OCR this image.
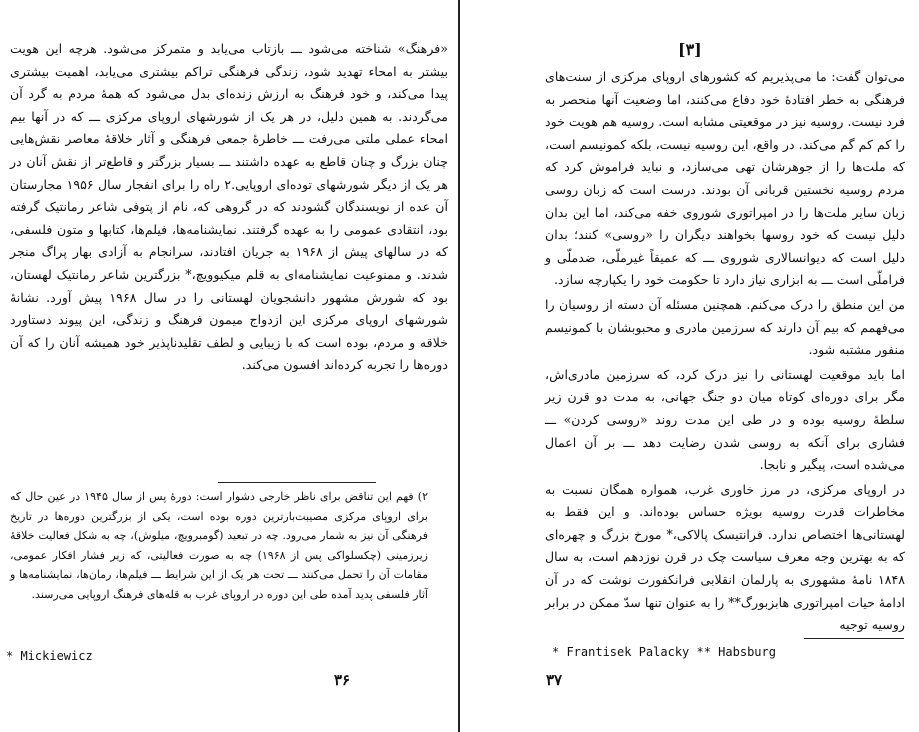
«فرهنگ» شناخته می‌شود ـــ بازتاب می‌یابد و متمرکز می‌شود. هرچه این هویت بیشتر به امحاء تهدید شود، زندگی فرهنگی تراکم بیشتری می‌یابد، اهمیت بیشتری پیدا می‌کند، و خود فرهنگ به ارزش زنده‌ای بدل می‌شود که همهٔ مردم به گرد آن می‌گردند. به همین دلیل، در هر یک از شورشهای اروپای مرکزی ـــ که در آنها بیم امحاء عملی ملتی می‌رفت ـــ خاطرهٔ جمعی فرهنگی و آثار خلاقهٔ معاصر نقش‌هایی چنان بزرگ و چنان قاطع به عهده داشتند ـــ بسیار بزرگتر و قاطع‌تر از نقش آنان در هر یک از دیگر شورشهای توده‌ای اروپایی.۲ راه را برای انفجار سال ۱۹۵۶ مجارستان آن عده از نویسندگان گشودند که در گروهی که، نام از پتوفی شاعر رمانتیک گرفته بود، انتقادی عمومی را به عهده گرفتند. نمایشنامه‌ها، فیلم‌ها، کتابها و متون فلسفی، که در سالهای پیش از ۱۹۶۸ به جریان افتادند، سرانجام به آزادی بهار پراگ منجر شدند. و ممنوعیت نمایشنامه‌ای به قلم میکیوویچ،* بزرگترین شاعر رمانتیک لهستان، بود که شورش مشهور دانشجویان لهستانی را در سال ۱۹۶۸ پیش آورد. نشانهٔ شورشهای اروپای مرکزی این ازدواج میمون فرهنگ و زندگی، این پیوند دستاورد خلاقه و مردم، بوده است که با زیبایی و لطف تقلیدناپذیر خود همیشه آنان را که آن دوره‌ها را تجربه کرده‌اند افسون می‌کند.

۲) فهم این تناقض برای ناظر خارجی دشوار است: دورهٔ پس از سال ۱۹۴۵ در عین حال که برای اروپای مرکزی مصیبت‌بارترین دوره بوده است، یکی از بزرگترین دوره‌ها در تاریخ فرهنگی آن نیز به شمار می‌رود. چه در تبعید (گومبرویچ، میلوش)، چه به شکل فعالیت خلاقهٔ زیرزمینی (چکسلواکی پس از ۱۹۶۸) چه به صورت فعالیتی، که زیر فشار افکار عمومی، مقامات آن را تحمل می‌کنند ـــ تحت هر یک از این شرایط ـــ فیلم‌ها، رمان‌ها، نمایشنامه‌ها و آثار فلسفی پدید آمده طی این دوره در اروپای غرب به قله‌های فرهنگ اروپایی می‌رسند.
* Mickiewicz
۳۶
[۳]

می‌توان گفت: ما می‌پذیریم که کشورهای اروپای مرکزی از سنت‌های فرهنگی به خطر افتادهٔ خود دفاع می‌کنند، اما وضعیت آنها منحصر به فرد نیست. روسیه نیز در موقعیتی مشابه است. روسیه هم هویت خود را کم کم گم می‌کند. در واقع، این روسیه نیست، بلکه کمونیسم است، که ملت‌ها را از جوهرشان تهی می‌سازد، و نباید فراموش کرد که مردم روسیه نخستین قربانی آن بودند. درست است که زبان روسی زبان سایر ملت‌ها را در امپراتوری شوروی خفه می‌کند، اما این بدان دلیل نیست که خود روسها بخواهند دیگران را «روسی» کنند؛ بدان دلیل است که دیوانسالاری شوروی ـــ که عمیقاً غیرملّی، ضدملّی و فراملّی است ـــ به ابزاری نیاز دارد تا حکومت خود را یکپارچه سازد.

من این منطق را درک می‌کنم. همچنین مسئله آن دسته از روسیان را می‌فهمم که بیم آن دارند که سرزمین مادری و محبوبشان با کمونیسم منفور مشتبه شود.

اما باید موقعیت لهستانی را نیز درک کرد، که سرزمین مادری‌اش، مگر برای دوره‌ای کوتاه میان دو جنگ جهانی، به مدت دو قرن زیر سلطهٔ روسیه بوده و در طی این مدت روند «روسی کردن» ـــ فشاری برای آنکه به روسی شدن رضایت دهد ـــ بر آن اعمال می‌شده است، پیگیر و نابجا.

در اروپای مرکزی، در مرز خاوری غرب، همواره همگان نسبت به مخاطرات قدرت روسیه بویژه حساس بوده‌اند. و این فقط به لهستانی‌ها اختصاص ندارد. فرانتیسک پالاکی،* مورخ بزرگ و چهره‌ای که به بهترین وجه معرف سیاست چک در قرن نوزدهم است، به سال ۱۸۴۸ نامهٔ مشهوری به پارلمان انقلابی فرانکفورت نوشت که در آن ادامهٔ حیات امپراتوری هابزبورگ** را به عنوان تنها سدّ ممکن در برابر روسیه توجیه

* Frantisek Palacky ** Habsburg
۳۷
